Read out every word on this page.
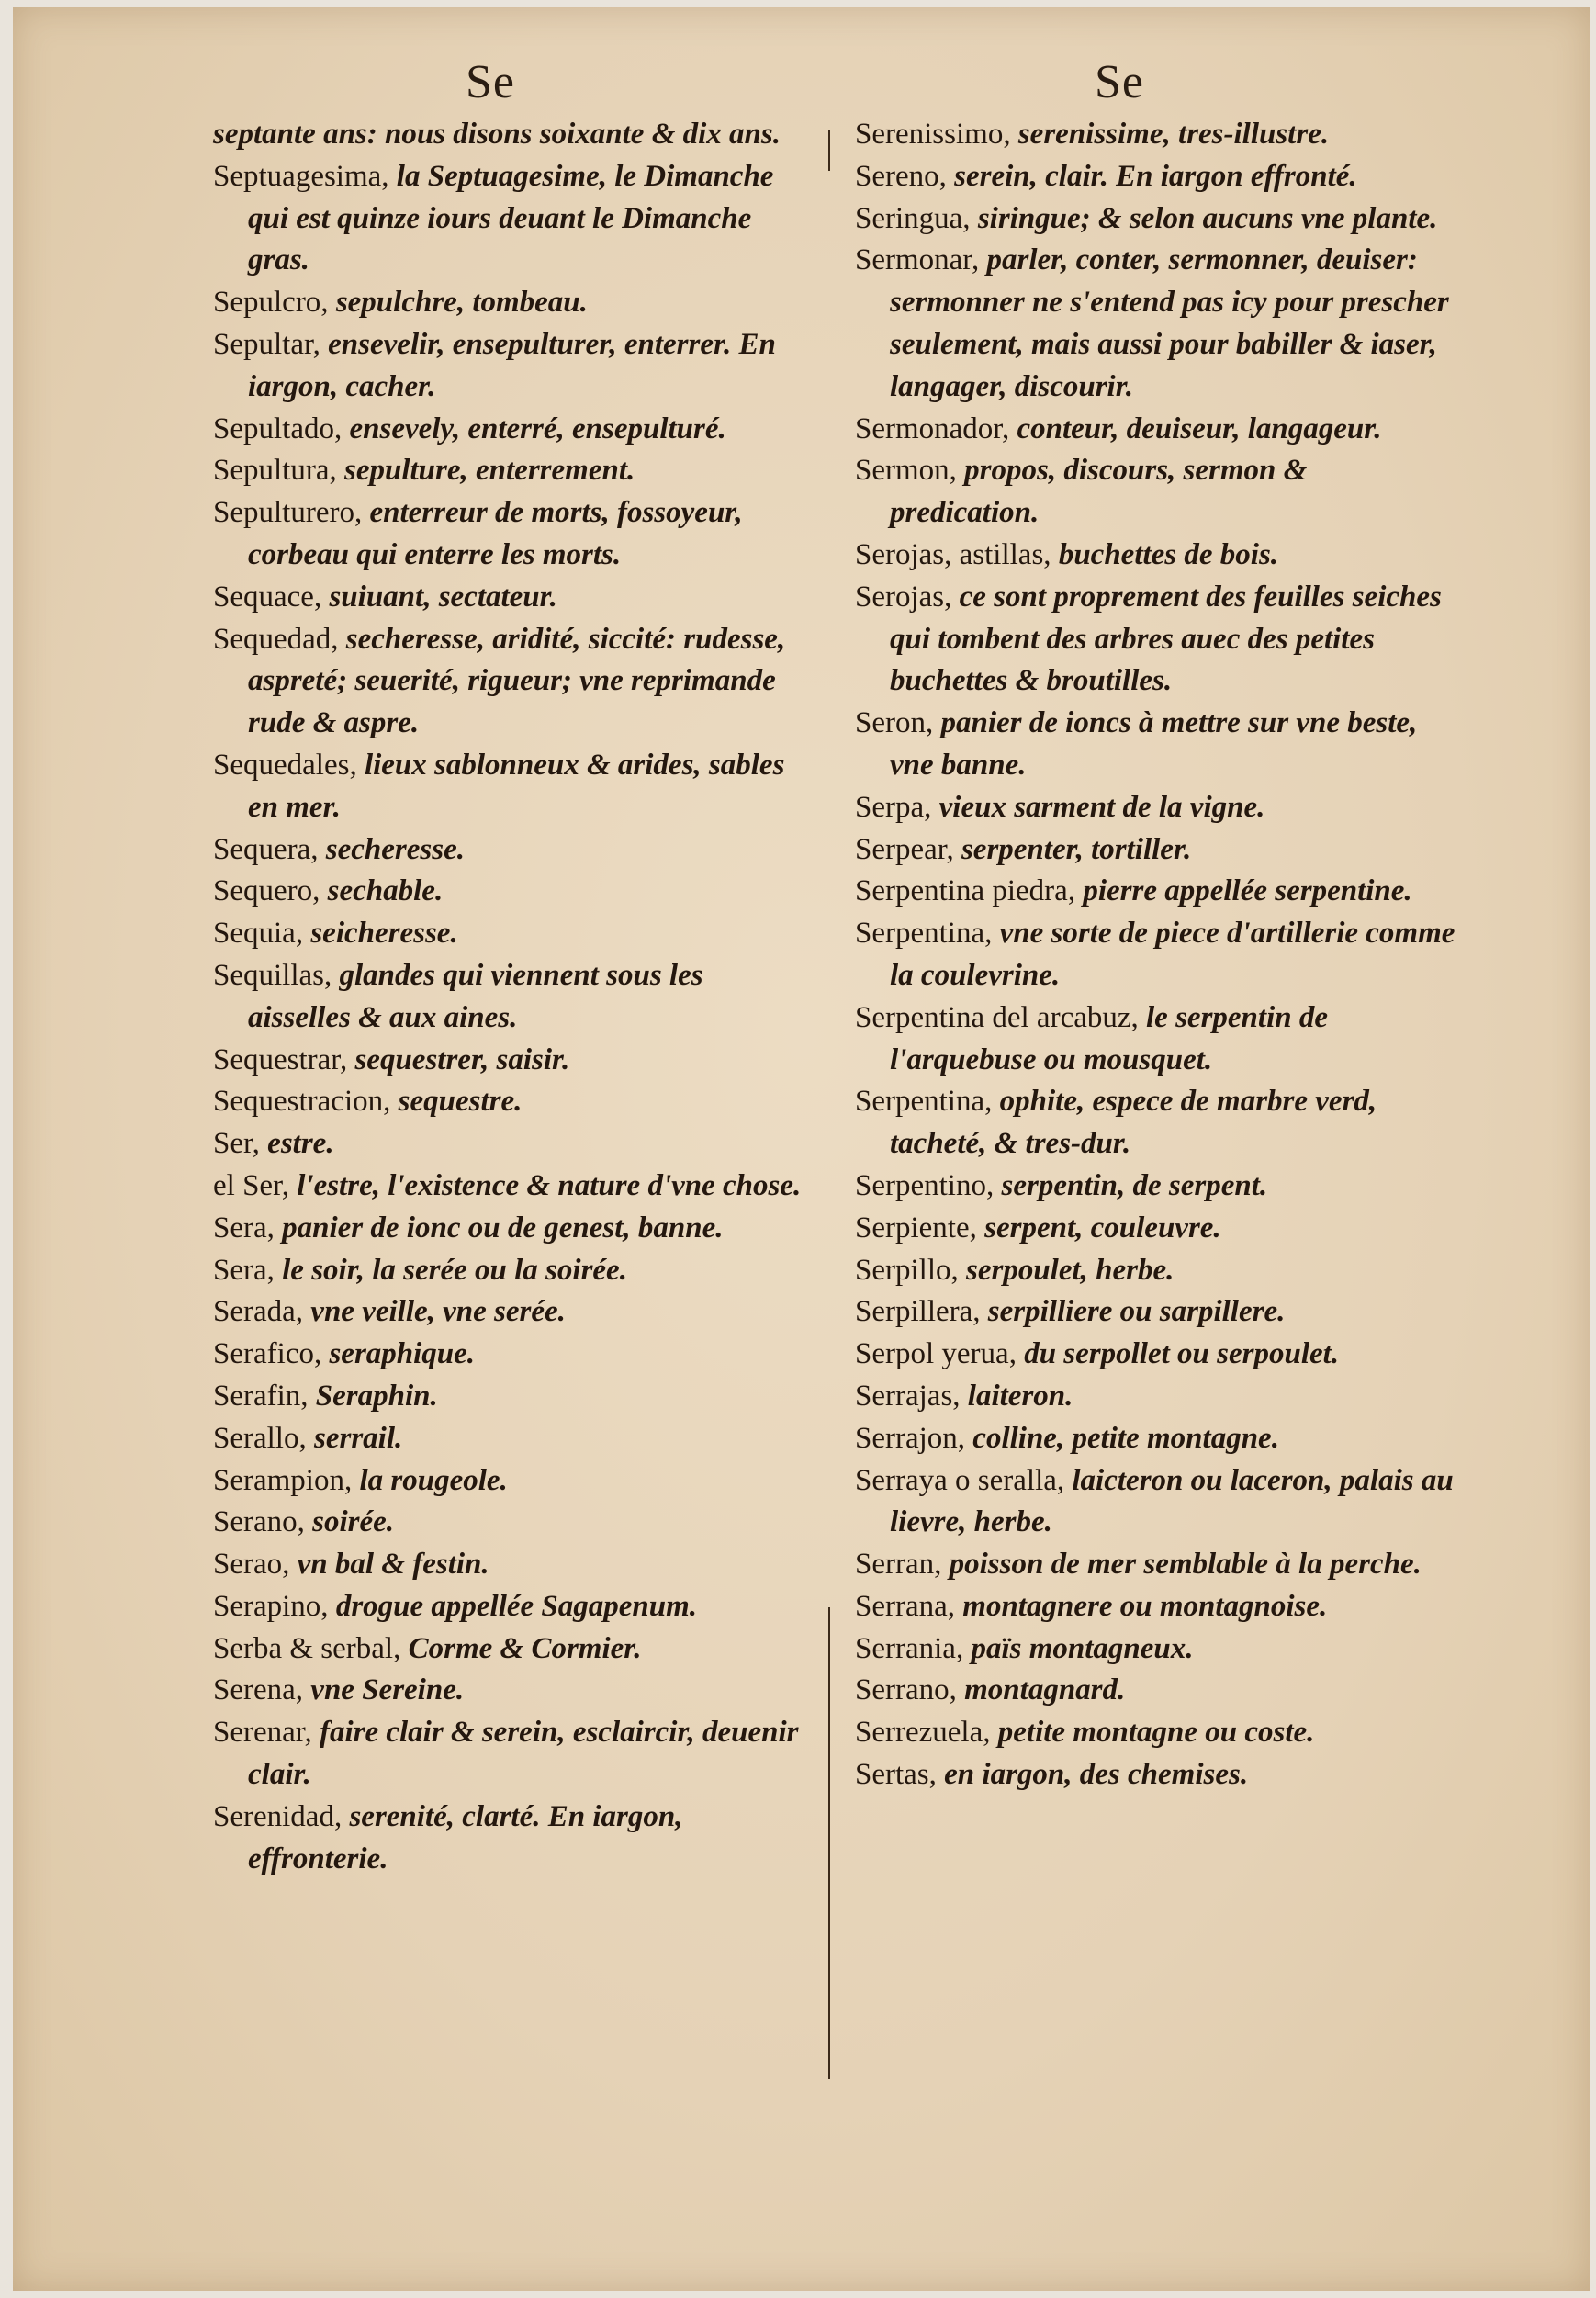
Se	Se

septante ans: nous disons soixante & dix ans.

Septuagesima, la Septuagesime, le Dimanche qui est quinze iours deuant le Dimanche gras.

Sepulcro, sepulchre, tombeau.

Sepultar, ensevelir, ensepulturer, enterrer. En iargon, cacher.

Sepultado, ensevely, enterré, ensepulturé.

Sepultura, sepulture, enterrement.

Sepulturero, enterreur de morts, fossoyeur, corbeau qui enterre les morts.

Sequace, suiuant, sectateur.

Sequedad, secheresse, aridité, siccité: rudesse, aspreté; seuerité, rigueur; vne reprimande rude & aspre.

Sequedales, lieux sablonneux & arides, sables en mer.

Sequera, secheresse.

Sequero, sechable.

Sequia, seicheresse.

Sequillas, glandes qui viennent sous les aisselles & aux aines.

Sequestrar, sequestrer, saisir.

Sequestracion, sequestre.

Ser, estre.

el Ser, l'estre, l'existence & nature d'vne chose.

Sera, panier de ionc ou de genest, banne.

Sera, le soir, la serée ou la soirée.

Serada, vne veille, vne serée.

Serafico, seraphique.

Serafin, Seraphin.

Serallo, serrail.

Serampion, la rougeole.

Serano, soirée.

Serao, vn bal & festin.

Serapino, drogue appellée Sagapenum.

Serba & serbal, Corme & Cormier.

Serena, vne Sereine.

Serenar, faire clair & serein, esclaircir, deuenir clair.

Serenidad, serenité, clarté. En iargon, effronterie.

Serenissimo, serenissime, tres-illustre.

Sereno, serein, clair. En iargon effronté.

Seringua, siringue; & selon aucuns vne plante.

Sermonar, parler, conter, sermonner, deuiser: sermonner ne s'entend pas icy pour prescher seulement, mais aussi pour babiller & iaser, langager, discourir.

Sermonador, conteur, deuiseur, langageur.

Sermon, propos, discours, sermon & predication.

Serojas, astillas, buchettes de bois.

Serojas, ce sont proprement des feuilles seiches qui tombent des arbres auec des petites buchettes & broutilles.

Seron, panier de ioncs à mettre sur vne beste, vne banne.

Serpa, vieux sarment de la vigne.

Serpear, serpenter, tortiller.

Serpentina piedra, pierre appellée serpentine.

Serpentina, vne sorte de piece d'artillerie comme la coulevrine.

Serpentina del arcabuz, le serpentin de l'arquebuse ou mousquet.

Serpentina, ophite, espece de marbre verd, tacheté, & tres-dur.

Serpentino, serpentin, de serpent.

Serpiente, serpent, couleuvre.

Serpillo, serpoulet, herbe.

Serpillera, serpilliere ou sarpillere.

Serpol yerua, du serpollet ou serpoulet.

Serrajas, laiteron.

Serrajon, colline, petite montagne.

Serraya o seralla, laicteron ou laceron, palais au lievre, herbe.

Serran, poisson de mer semblable à la perche.

Serrana, montagnere ou montagnoise.

Serrania, païs montagneux.

Serrano, montagnard.

Serrezuela, petite montagne ou coste.

Sertas, en iargon, des chemises.
